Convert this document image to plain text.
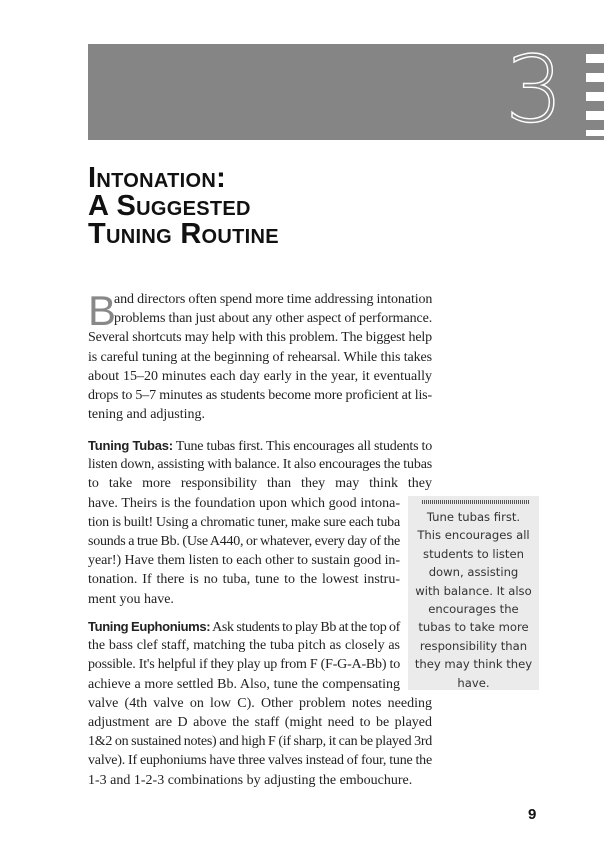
3
Intonation:
A Suggested
Tuning Routine
B
and directors often spend more time addressing intonation
problems than just about any other aspect of performance.
Several shortcuts may help with this problem. The biggest help
is careful tuning at the beginning of rehearsal. While this takes
about 15–20 minutes each day early in the year, it eventually
drops to 5–7 minutes as students become more proficient at lis-
tening and adjusting.
Tuning Tubas: Tune tubas first. This encourages all students to
listen down, assisting with balance. It also encourages the tubas
to take more responsibility than they may think they
have. Theirs is the foundation upon which good intona-
tion is built! Using a chromatic tuner, make sure each tuba
sounds a true Bb. (Use A440, or whatever, every day of the
year!) Have them listen to each other to sustain good in-
tonation. If there is no tuba, tune to the lowest instru-
ment you have.
Tuning Euphoniums: Ask students to play Bb at the top of
the bass clef staff, matching the tuba pitch as closely as
possible. It's helpful if they play up from F (F-G-A-Bb) to
achieve a more settled Bb. Also, tune the compensating
valve (4th valve on low C). Other problem notes needing
adjustment are D above the staff (might need to be played
1&2 on sustained notes) and high F (if sharp, it can be played 3rd
valve). If euphoniums have three valves instead of four, tune the
1-3 and 1-2-3 combinations by adjusting the embouchure.
Tune tubas first.
This encourages all
students to listen
down, assisting
with balance. It also
encourages the
tubas to take more
responsibility than
they may think they
have.
9
